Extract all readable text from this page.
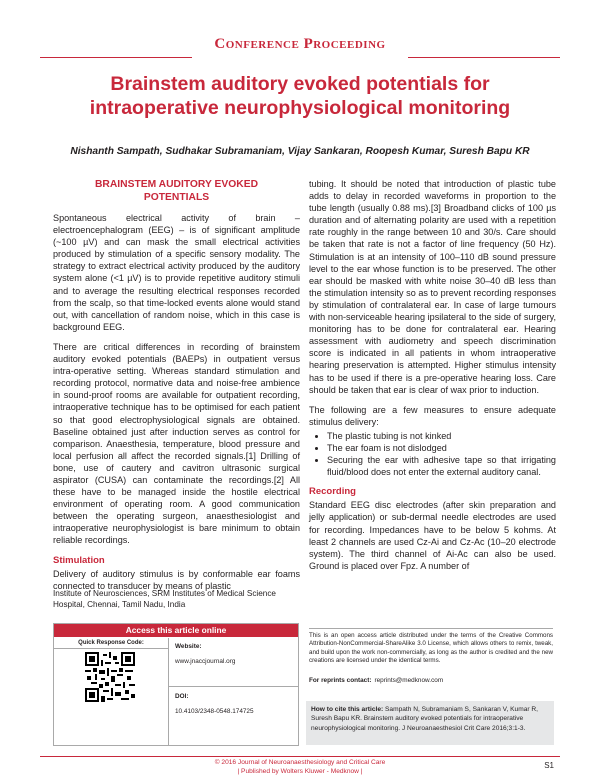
Conference Proceeding
Brainstem auditory evoked potentials for
intraoperative neurophysiological monitoring
Nishanth Sampath, Sudhakar Subramaniam, Vijay Sankaran, Roopesh Kumar, Suresh Bapu KR
BRAINSTEM AUDITORY EVOKED
POTENTIALS

Spontaneous electrical activity of brain – electroencephalogram (EEG) – is of significant amplitude (~100 µV) and can mask the small electrical activities produced by stimulation of a specific sensory modality. The strategy to extract electrical activity produced by the auditory system alone (<1 µV) is to provide repetitive auditory stimuli and to average the resulting electrical responses recorded from the scalp, so that time-locked events alone would stand out, with cancellation of random noise, which in this case is background EEG.

There are critical differences in recording of brainstem auditory evoked potentials (BAEPs) in outpatient versus intra-operative setting. Whereas standard stimulation and recording protocol, normative data and noise-free ambience in sound-proof rooms are available for outpatient recording, intraoperative technique has to be optimised for each patient so that good electrophysiological signals are obtained. Baseline obtained just after induction serves as control for comparison. Anaesthesia, temperature, blood pressure and local perfusion all affect the recorded signals.[1] Drilling of bone, use of cautery and cavitron ultrasonic surgical aspirator (CUSA) can contaminate the recordings.[2] All these have to be managed inside the hostile electrical environment of operating room. A good communication between the operating surgeon, anaesthesiologist and intraoperative neurophysiologist is bare minimum to obtain reliable recordings.

Stimulation

Delivery of auditory stimulus is by conformable ear foams connected to transducer by means of plastic

tubing. It should be noted that introduction of plastic tube adds to delay in recorded waveforms in proportion to the tube length (usually 0.88 ms).[3] Broadband clicks of 100 µs duration and of alternating polarity are used with a repetition rate roughly in the range between 10 and 30/s. Care should be taken that rate is not a factor of line frequency (50 Hz). Stimulation is at an intensity of 100–110 dB sound pressure level to the ear whose function is to be preserved. The other ear should be masked with white noise 30–40 dB less than the stimulation intensity so as to prevent recording responses by stimulation of contralateral ear. In case of large tumours with non-serviceable hearing ipsilateral to the side of surgery, monitoring has to be done for contralateral ear. Hearing assessment with audiometry and speech discrimination score is indicated in all patients in whom intraoperative hearing preservation is attempted. Higher stimulus intensity has to be used if there is a pre-operative hearing loss. Care should be taken that ear is clear of wax prior to induction.

The following are a few measures to ensure adequate stimulus delivery:

• The plastic tubing is not kinked
• The ear foam is not dislodged
• Securing the ear with adhesive tape so that irrigating fluid/blood does not enter the external auditory canal.
Recording

Standard EEG disc electrodes (after skin preparation and jelly application) or sub-dermal needle electrodes are used for recording. Impedances have to be below 5 kohms. At least 2 channels are used Cz-Ai and Cz-Ac (10–20 electrode system). The third channel of Ai-Ac can also be used. Ground is placed over Fpz. A number of

Institute of Neurosciences, SRM Institutes of Medical Science Hospital, Chennai, Tamil Nadu, India
Access this article online
Quick Response Code:	Website:
www.jnaccjournal.org
DOI:
10.4103/2348-0548.174725
This is an open access article distributed under the terms of the Creative Commons Attribution-NonCommercial-ShareAlike 3.0 License, which allows others to remix, tweak, and build upon the work non-commercially, as long as the author is credited and the new creations are licensed under the identical terms.
For reprints contact: reprints@medknow.com
How to cite this article: Sampath N, Subramaniam S, Sankaran V, Kumar R, Suresh Bapu KR. Brainstem auditory evoked potentials for intraoperative neurophysiological monitoring. J Neuroanaesthesiol Crit Care 2016;3:1-3.
© 2016 Journal of Neuroanaesthesiology and Critical Care
| Published by Wolters Kluwer - Medknow |
S1
